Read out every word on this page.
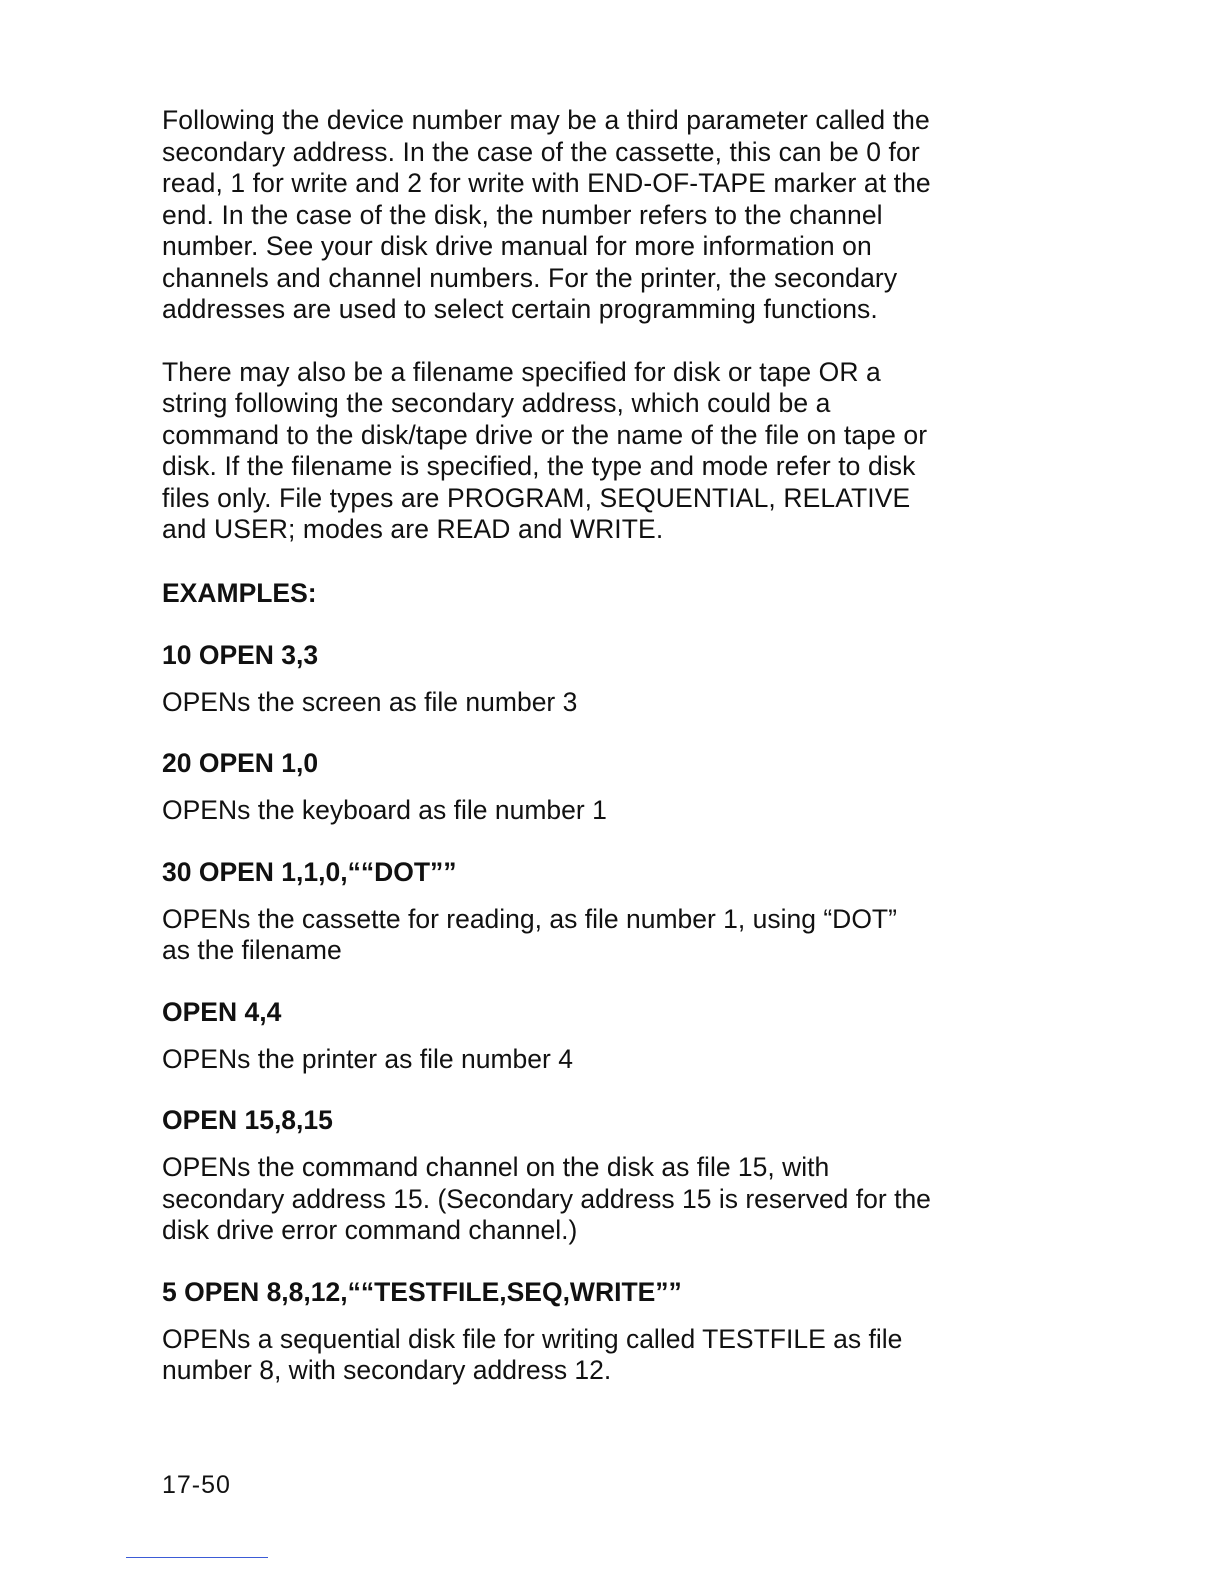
Following the device number may be a third parameter called the
secondary address. In the case of the cassette, this can be 0 for
read, 1 for write and 2 for write with END-OF-TAPE marker at the
end. In the case of the disk, the number refers to the channel
number. See your disk drive manual for more information on
channels and channel numbers. For the printer, the secondary
addresses are used to select certain programming functions.

There may also be a filename specified for disk or tape OR a
string following the secondary address, which could be a
command to the disk/tape drive or the name of the file on tape or
disk. If the filename is specified, the type and mode refer to disk
files only. File types are PROGRAM, SEQUENTIAL, RELATIVE
and USER; modes are READ and WRITE.

EXAMPLES:

10 OPEN 3,3

OPENs the screen as file number 3

20 OPEN 1,0

OPENs the keyboard as file number 1

30 OPEN 1,1,0,““DOT””

OPENs the cassette for reading, as file number 1, using “DOT”
as the filename

OPEN 4,4

OPENs the printer as file number 4

OPEN 15,8,15

OPENs the command channel on the disk as file 15, with
secondary address 15. (Secondary address 15 is reserved for the
disk drive error command channel.)

5 OPEN 8,8,12,““TESTFILE,SEQ,WRITE””

OPENs a sequential disk file for writing called TESTFILE as file
number 8, with secondary address 12.

17-50
